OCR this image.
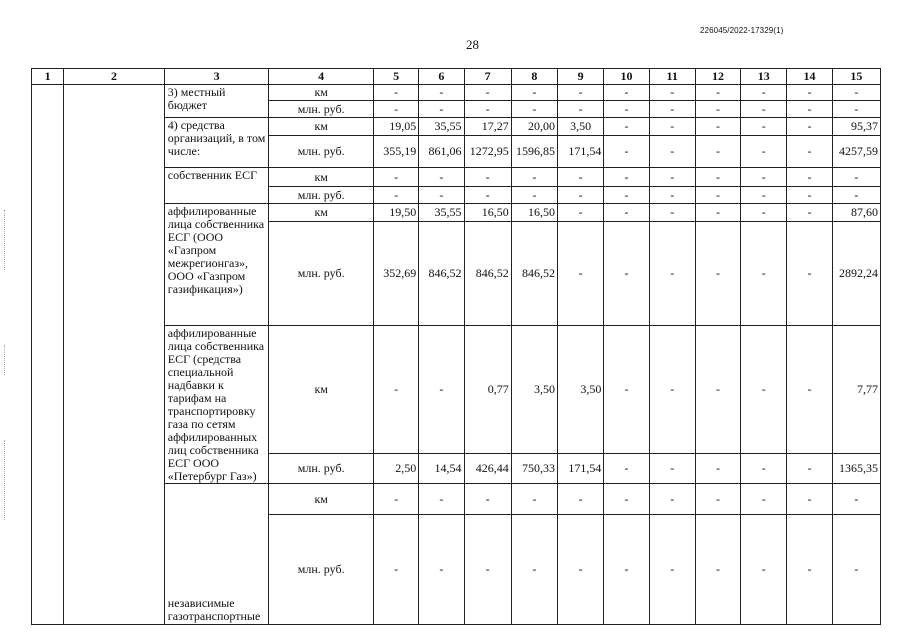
226045/2022-17329(1)
28
1	2	3	4	5	6	7	8	9	10	11	12	13	14	15
		3) местный бюджет	км	-	-	-	-	-	-	-	-	-	-	-
			млн. руб.	-	-	-	-	-	-	-	-	-	-	-
		4) средства организаций, в том числе:	км	19,05	35,55	17,27	20,00	3,50	-	-	-	-	-	95,37
			млн. руб.	355,19	861,06	1272,95	1596,85	171,54	-	-	-	-	-	4257,59
		собственник ЕСГ	км	-	-	-	-	-	-	-	-	-	-	-
			млн. руб.	-	-	-	-	-	-	-	-	-	-	-
		аффилированные лица собственника ЕСГ (ООО «Газпром межрегионгаз», ООО «Газпром газификация»)	км	19,50	35,55	16,50	16,50	-	-	-	-	-	-	87,60
			млн. руб.	352,69	846,52	846,52	846,52	-	-	-	-	-	-	2892,24
		аффилированные лица собственника ЕСГ (средства специальной надбавки к тарифам на транспортировку газа по сетям аффилированных лиц собственника ЕСГ ООО «Петербург Газ»)	км	-	-	0,77	3,50	3,50	-	-	-	-	-	7,77
			млн. руб.	2,50	14,54	426,44	750,33	171,54	-	-	-	-	-	1365,35
		независимые газотранспортные	км	-	-	-	-	-	-	-	-	-	-	-
			млн. руб.	-	-	-	-	-	-	-	-	-	-	-
